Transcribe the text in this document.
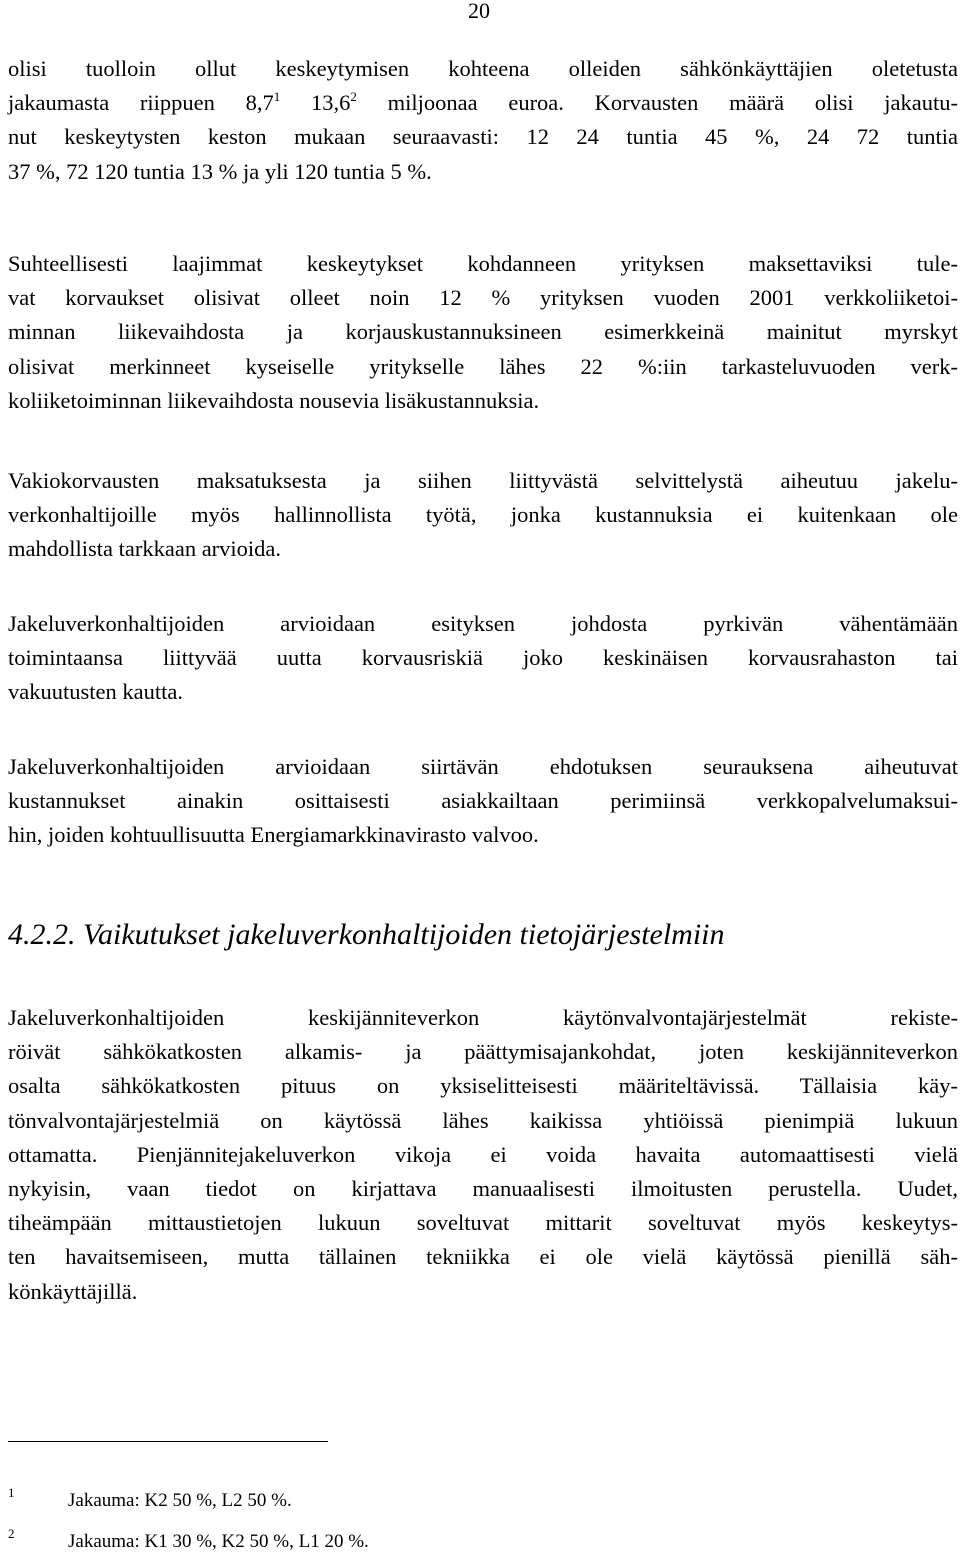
20
olisi tuolloin ollut keskeytymisen kohteena olleiden sähkönkäyttäjien oletetusta
jakaumasta riippuen $8,7^1$ 13,6$^2$ miljoonaa euroa. Korvausten määrä olisi jakautu-
nut keskeytysten keston mukaan seuraavasti: 12 24 tuntia 45 %, 24 72 tuntia
37 %, 72 120 tuntia 13 % ja yli 120 tuntia 5 %.
Suhteellisesti laajimmat keskeytykset kohdanneen yrityksen maksettaviksi tule-
vat korvaukset olisivat olleet noin 12 % yrityksen vuoden 2001 verkkoliiketoi-
minnan liikevaihdosta ja korjauskustannuksineen esimerkkeinä mainitut myrskyt
olisivat merkinneet kyseiselle yritykselle lähes 22 %:iin tarkasteluvuoden verk-
koliiketoiminnan liikevaihdosta nousevia lisäkustannuksia.
Vakiokorvausten maksatuksesta ja siihen liittyvästä selvittelystä aiheutuu jakelu-
verkonhaltijoille myös hallinnollista työtä, jonka kustannuksia ei kuitenkaan ole
mahdollista tarkkaan arvioida.
Jakeluverkonhaltijoiden arvioidaan esityksen johdosta pyrkivän vähentämään
toimintaansa liittyvää uutta korvausriskiä joko keskinäisen korvausrahaston tai
vakuutusten kautta.
Jakeluverkonhaltijoiden arvioidaan siirtävän ehdotuksen seurauksena aiheutuvat
kustannukset ainakin osittaisesti asiakkailtaan perimiinsä verkkopalvelumaksui-
hin, joiden kohtuullisuutta Energiamarkkinavirasto valvoo.
4.2.2. Vaikutukset jakeluverkonhaltijoiden tietojärjestelmiin
Jakeluverkonhaltijoiden keskijänniteverkon käytönvalvontajärjestelmät rekiste-
röivät sähkökatkosten alkamis- ja päättymisajankohdat, joten keskijänniteverkon
osalta sähkökatkosten pituus on yksiselitteisesti määriteltävissä. Tällaisia käy-
tönvalvontajärjestelmiä on käytössä lähes kaikissa yhtiöissä pienimpiä lukuun
ottamatta. Pienjännitejakeluverkon vikoja ei voida havaita automaattisesti vielä
nykyisin, vaan tiedot on kirjattava manuaalisesti ilmoitusten perustella. Uudet,
tiheämpään mittaustietojen lukuun soveltuvat mittarit soveltuvat myös keskeytys-
ten havaitsemiseen, mutta tällainen tekniikka ei ole vielä käytössä pienillä säh-
könkäyttäjillä.
1	Jakauma: K2 50 %, L2 50 %.
2	Jakauma: K1 30 %, K2 50 %, L1 20 %.
